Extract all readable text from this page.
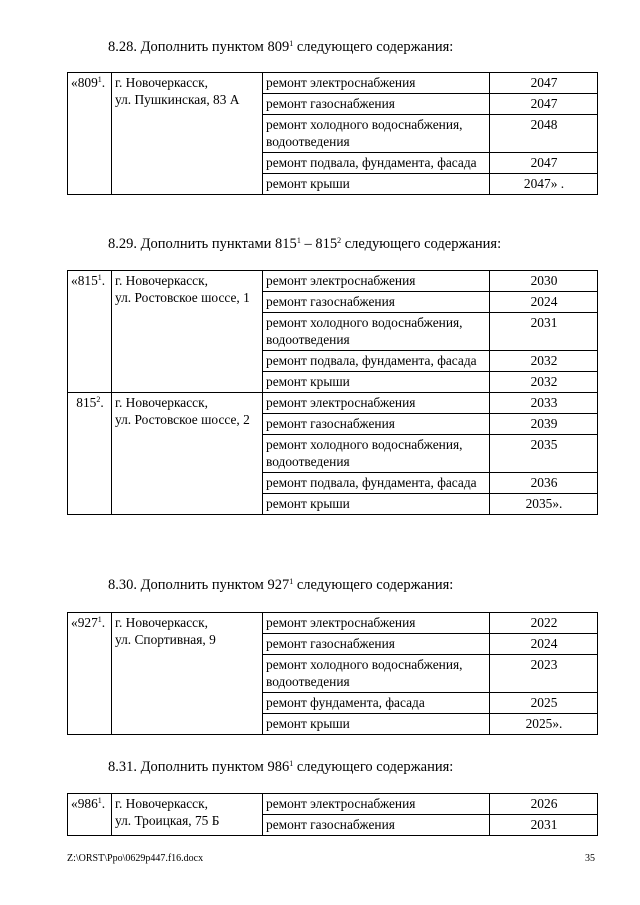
8.28. Дополнить пунктом $809^1$ следующего содержания:
«$809^1$.	г. Новочеркасск,
ул. Пушкинская, 83 А	ремонт электроснабжения	2047
		ремонт газоснабжения	2047
		ремонт холодного водоснабжения, водоотведения	2048
		ремонт подвала, фундамента, фасада	2047
		ремонт крыши	2047» .
8.29. Дополнить пунктами $815^1 - 815^2$ следующего содержания:
«$815^1$.	г. Новочеркасск,
ул. Ростовское шоссе, 1	ремонт электроснабжения	2030
		ремонт газоснабжения	2024
		ремонт холодного водоснабжения, водоотведения	2031
		ремонт подвала, фундамента, фасада	2032
		ремонт крыши	2032
$815^2$.	г. Новочеркасск,
ул. Ростовское шоссе, 2	ремонт электроснабжения	2033
		ремонт газоснабжения	2039
		ремонт холодного водоснабжения, водоотведения	2035
		ремонт подвала, фундамента, фасада	2036
		ремонт крыши	2035».
8.30. Дополнить пунктом $927^1$ следующего содержания:
«$927^1$.	г. Новочеркасск,
ул. Спортивная, 9	ремонт электроснабжения	2022
		ремонт газоснабжения	2024
		ремонт холодного водоснабжения, водоотведения	2023
		ремонт фундамента, фасада	2025
		ремонт крыши	2025».
8.31. Дополнить пунктом $986^1$ следующего содержания:
«$986^1$.	г. Новочеркасск,
ул. Троицкая, 75 Б	ремонт электроснабжения	2026
		ремонт газоснабжения	2031
Z:\ORST\Ppo\0629p447.f16.docx	35
